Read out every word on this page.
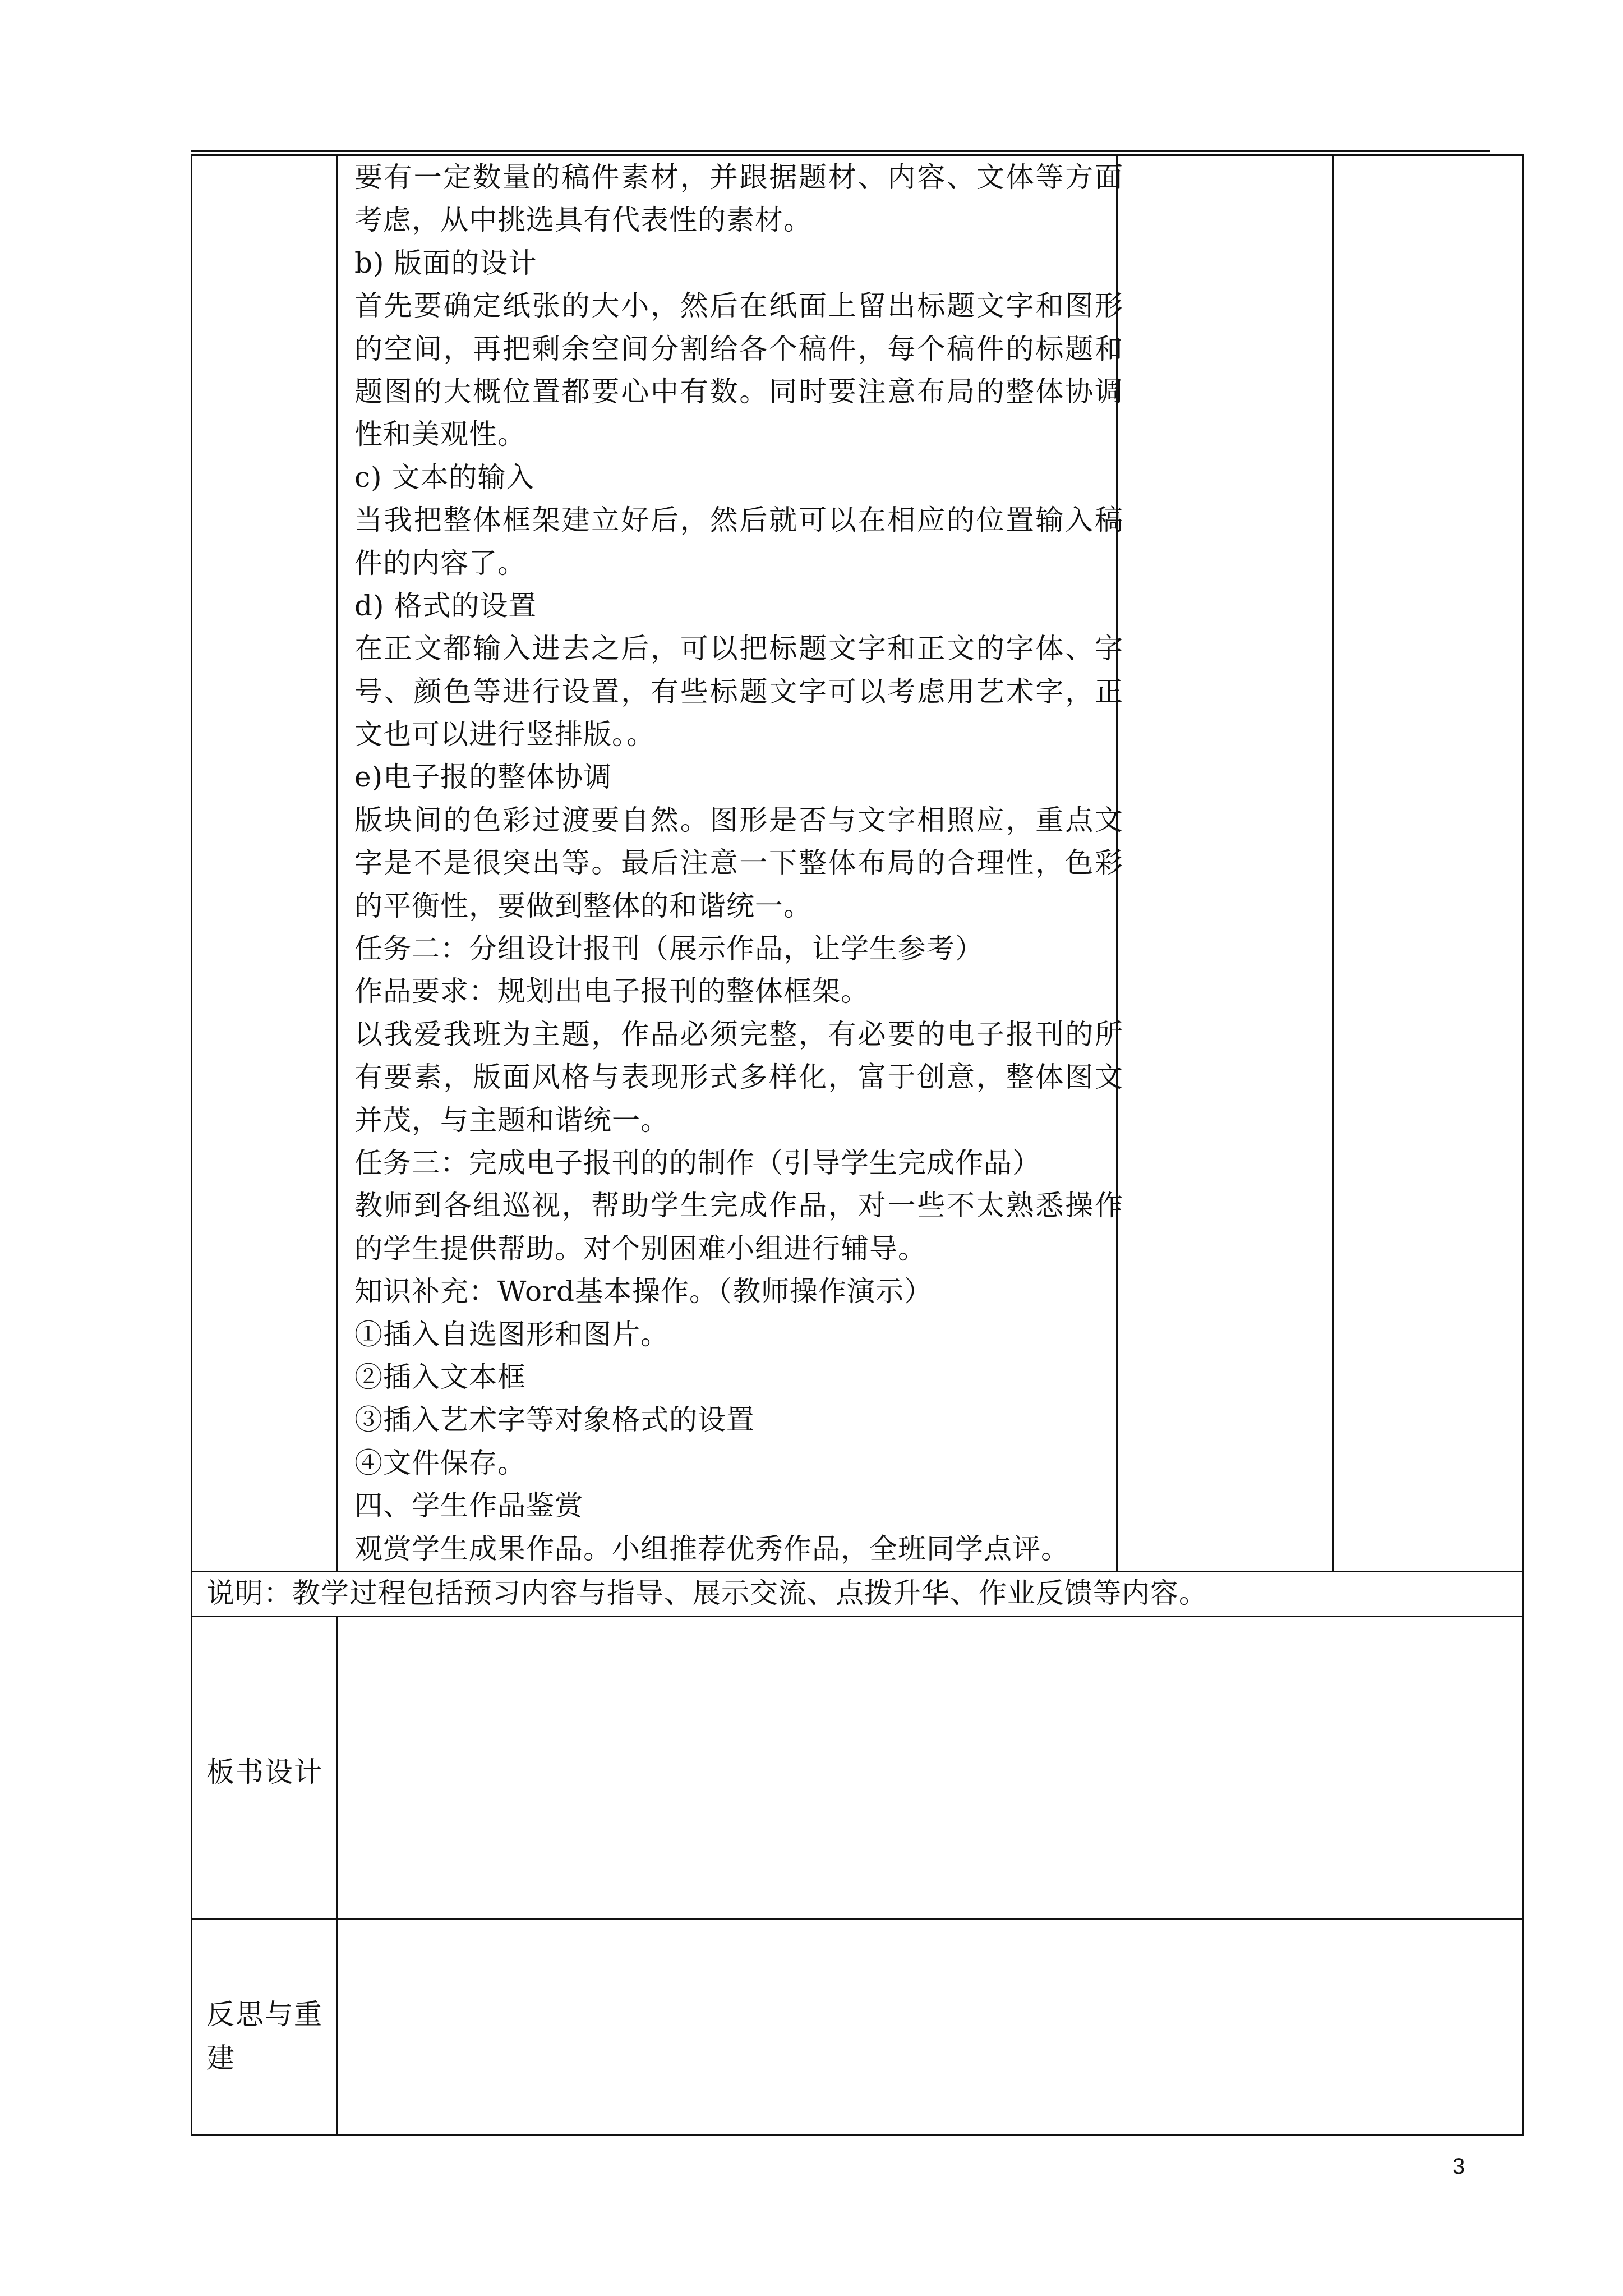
要有一定数量的稿件素材，并跟据题材、内容、文体等方面

考虑，从中挑选具有代表性的素材。

b) 版面的设计

首先要确定纸张的大小，然后在纸面上留出标题文字和图形

的空间，再把剩余空间分割给各个稿件，每个稿件的标题和

题图的大概位置都要心中有数。同时要注意布局的整体协调

性和美观性。

c) 文本的输入

当我把整体框架建立好后，然后就可以在相应的位置输入稿

件的内容了。

d) 格式的设置

在正文都输入进去之后，可以把标题文字和正文的字体、字

号、颜色等进行设置，有些标题文字可以考虑用艺术字，正

文也可以进行竖排版。。

e)电子报的整体协调

版块间的色彩过渡要自然。图形是否与文字相照应，重点文

字是不是很突出等。最后注意一下整体布局的合理性，色彩

的平衡性，要做到整体的和谐统一。

任务二：分组设计报刊（展示作品，让学生参考）

作品要求：规划出电子报刊的整体框架。

以我爱我班为主题，作品必须完整，有必要的电子报刊的所

有要素，版面风格与表现形式多样化，富于创意，整体图文

并茂，与主题和谐统一。

任务三：完成电子报刊的的制作（引导学生完成作品）

教师到各组巡视，帮助学生完成作品，对一些不太熟悉操作

的学生提供帮助。对个别困难小组进行辅导。

知识补充：Word基本操作。（教师操作演示）

①插入自选图形和图片。

②插入文本框

③插入艺术字等对象格式的设置

④文件保存。

四、学生作品鉴赏

观赏学生成果作品。小组推荐优秀作品，全班同学点评。

说明：教学过程包括预习内容与指导、展示交流、点拨升华、作业反馈等内容。
板书设计
反思与重建
3
